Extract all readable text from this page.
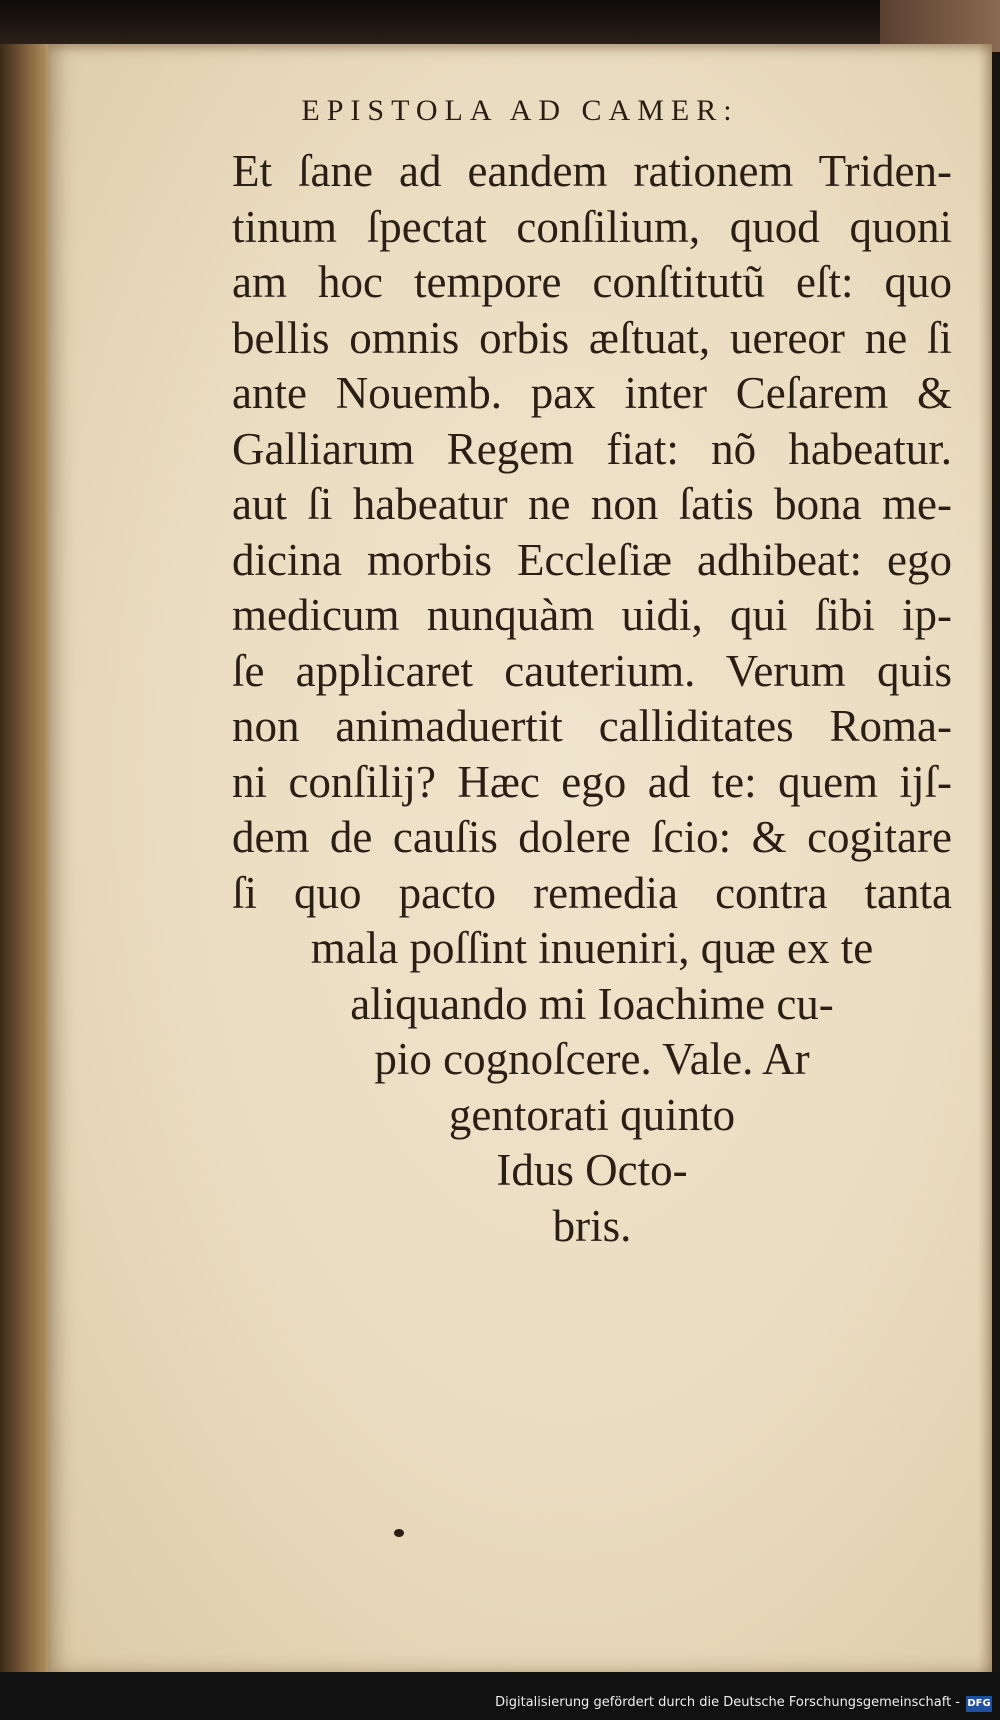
EPISTOLA AD CAMER:
Et ſane ad eandem rationem Triden-
tinum ſpectat conſilium, quod quoni
am hoc tempore conſtitutũ eſt: quo
bellis omnis orbis æſtuat, uereor ne ſi
ante Nouemb. pax inter Ceſarem &
Galliarum Regem fiat: nõ habeatur.
aut ſi habeatur ne non ſatis bona me-
dicina morbis Eccleſiæ adhibeat: ego
medicum nunquàm uidi, qui ſibi ip-
ſe applicaret cauterium. Verum quis
non animaduertit calliditates Roma-
ni conſilij? Hæc ego ad te: quem ijſ-
dem de cauſis dolere ſcio: & cogitare
ſi quo pacto remedia contra tanta
mala poſſint inueniri, quæ ex te
aliquando mi Ioachime cu-
pio cognoſcere. Vale. Ar
gentorati quinto
Idus Octo-
bris.
Digitalisierung gefördert durch die Deutsche Forschungsgemeinschaft - DFG
